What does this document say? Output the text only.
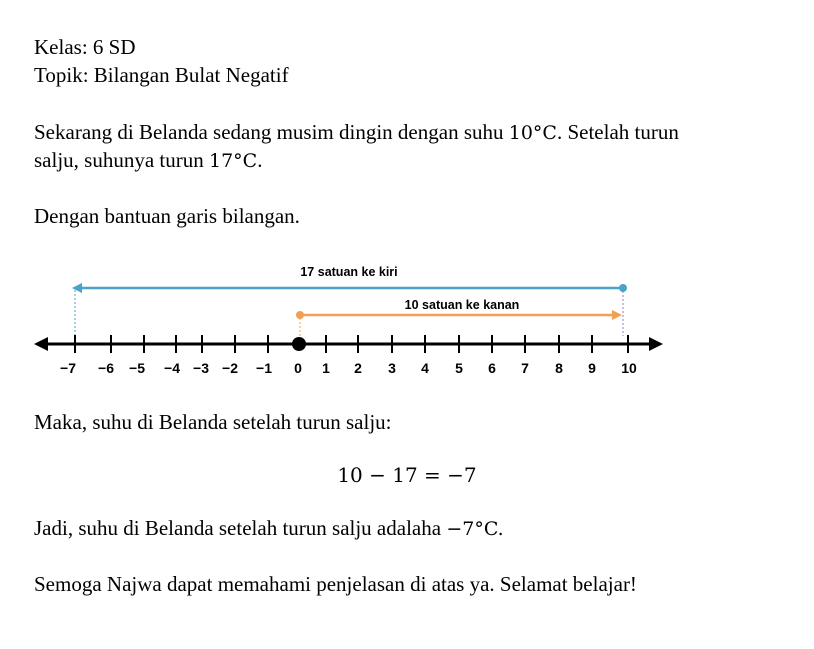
Kelas: 6 SD
Topik: Bilangan Bulat Negatif
Sekarang di Belanda sedang musim dingin dengan suhu 10°C. Setelah turun
salju, suhunya turun 17°C.
Dengan bantuan garis bilangan.
17 satuan ke kiri
10 satuan ke kanan
−7 −6 −5 −4 −3 −2 −1 0 1 2 3 4 5 6 7 8 9 10
Maka, suhu di Belanda setelah turun salju:
10 − 17 = −7
Jadi, suhu di Belanda setelah turun salju adalaha −7°C.
Semoga Najwa dapat memahami penjelasan di atas ya. Selamat belajar!
